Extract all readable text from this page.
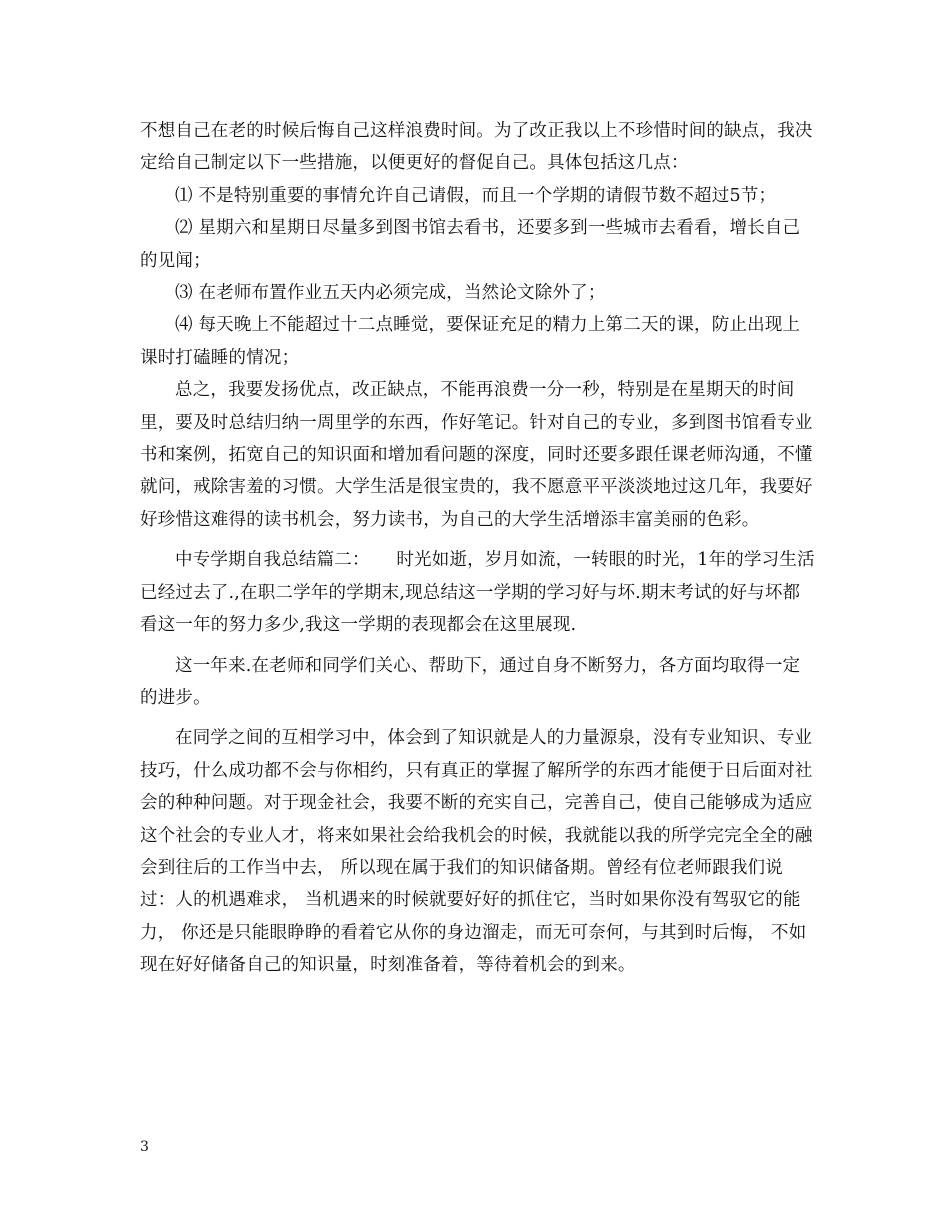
不想自己在老的时候后悔自己这样浪费时间。为了改正我以上不珍惜时间的缺点，我决定给自己制定以下一些措施，以便更好的督促自己。具体包括这几点：

⑴ 不是特别重要的事情允许自己请假，而且一个学期的请假节数不超过5节；

⑵ 星期六和星期日尽量多到图书馆去看书，还要多到一些城市去看看，增长自己的见闻；

⑶ 在老师布置作业五天内必须完成，当然论文除外了；

⑷ 每天晚上不能超过十二点睡觉，要保证充足的精力上第二天的课，防止出现上课时打磕睡的情况；

总之，我要发扬优点，改正缺点，不能再浪费一分一秒，特别是在星期天的时间里，要及时总结归纳一周里学的东西，作好笔记。针对自己的专业，多到图书馆看专业书和案例，拓宽自己的知识面和增加看问题的深度，同时还要多跟任课老师沟通，不懂就问，戒除害羞的习惯。大学生活是很宝贵的，我不愿意平平淡淡地过这几年，我要好好珍惜这难得的读书机会，努力读书，为自己的大学生活增添丰富美丽的色彩。

中专学期自我总结篇二：　　时光如逝，岁月如流，一转眼的时光，1年的学习生活已经过去了.,在职二学年的学期末,现总结这一学期的学习好与坏.期末考试的好与坏都看这一年的努力多少,我这一学期的表现都会在这里展现.

这一年来.在老师和同学们关心、帮助下，通过自身不断努力，各方面均取得一定的进步。

在同学之间的互相学习中，体会到了知识就是人的力量源泉，没有专业知识、专业技巧，什么成功都不会与你相约，只有真正的掌握了解所学的东西才能便于日后面对社会的种种问题。对于现金社会，我要不断的充实自己，完善自己，使自己能够成为适应这个社会的专业人才，将来如果社会给我机会的时候，我就能以我的所学完完全全的融会到往后的工作当中去， 所以现在属于我们的知识储备期。曾经有位老师跟我们说过：人的机遇难求， 当机遇来的时候就要好好的抓住它，当时如果你没有驾驭它的能力， 你还是只能眼睁睁的看着它从你的身边溜走，而无可奈何，与其到时后悔， 不如现在好好储备自己的知识量，时刻准备着，等待着机会的到来。

3
